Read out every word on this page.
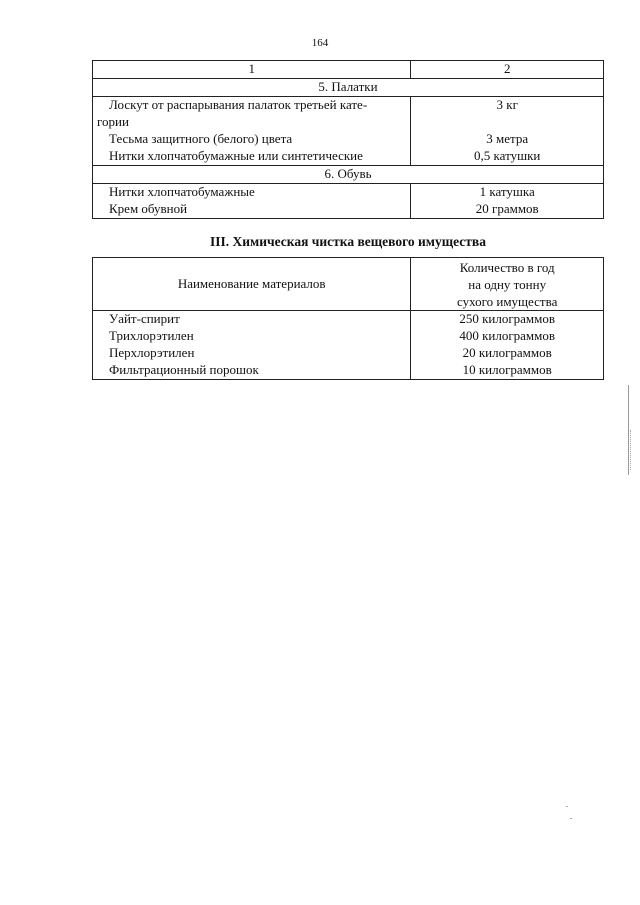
164
1	2
5. Палатки	
Лоскут от распарывания палаток третьей кате-	3 кг
гории	
Тесьма защитного (белого) цвета	3 метра
Нитки хлопчатобумажные или синтетические	0,5 катушки
6. Обувь	
Нитки хлопчатобумажные	1 катушка
Крем обувной	20 граммов
III. Химическая чистка вещевого имущества
Наименование материалов	Количество в год
на одну тонну
сухого имущества

Уайт-спирит	250 килограммов
Трихлорэтилен	400 килограммов
Перхлорэтилен	20 килограммов
Фильтрационный порошок	10 килограммов
